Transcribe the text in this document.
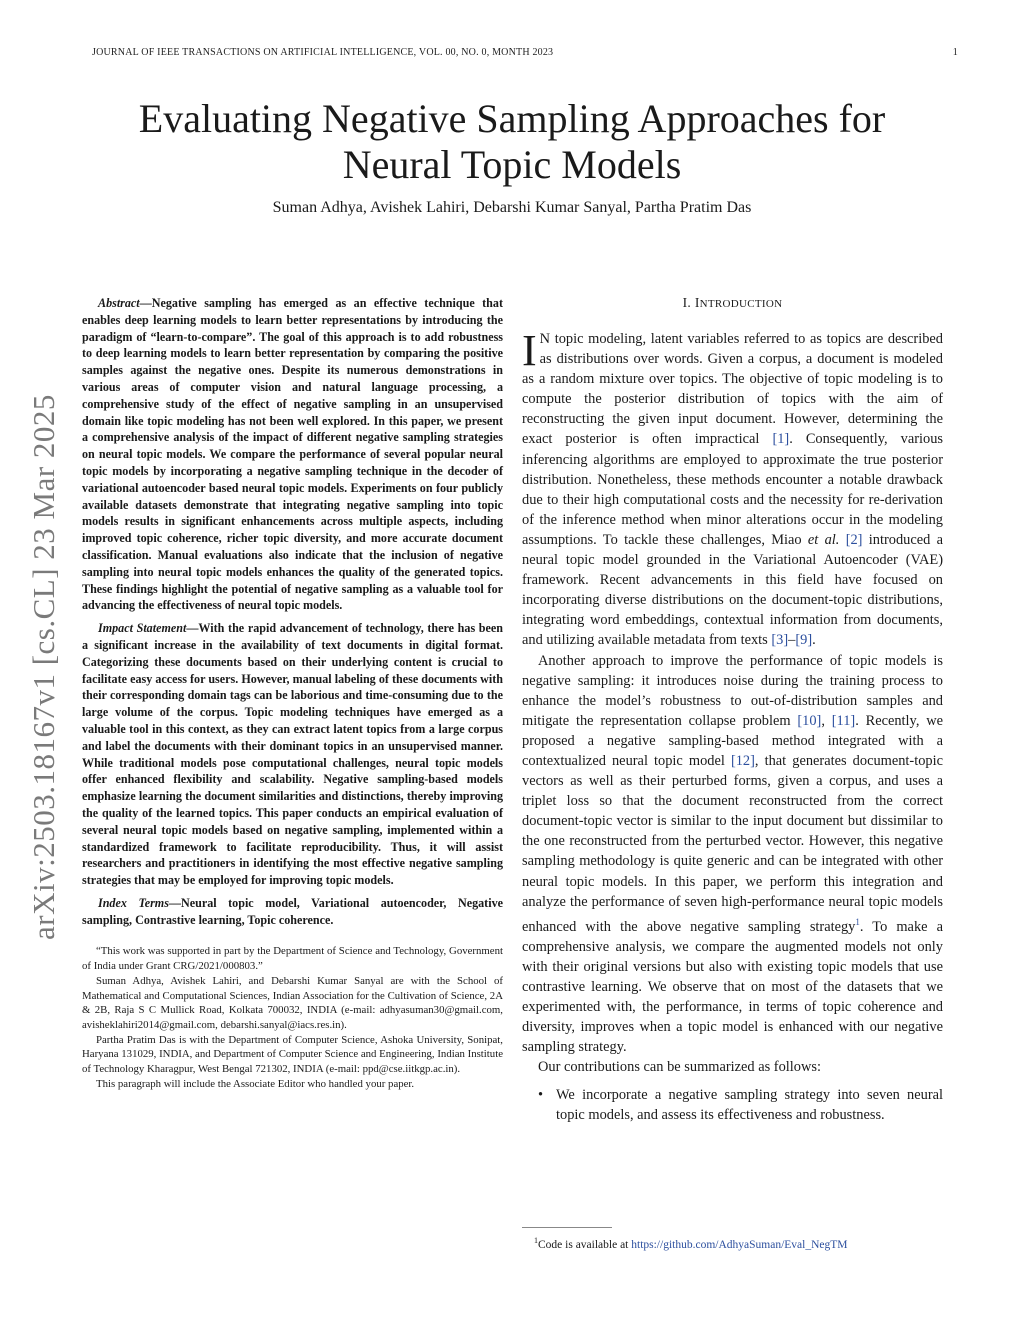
JOURNAL OF IEEE TRANSACTIONS ON ARTIFICIAL INTELLIGENCE, VOL. 00, NO. 0, MONTH 2023	1
arXiv:2503.18167v1 [cs.CL] 23 Mar 2025
Evaluating Negative Sampling Approaches for Neural Topic Models
Suman Adhya, Avishek Lahiri, Debarshi Kumar Sanyal, Partha Pratim Das

Abstract—Negative sampling has emerged as an effective technique that enables deep learning models to learn better representations by introducing the paradigm of “learn-to-compare”. The goal of this approach is to add robustness to deep learning models to learn better representation by comparing the positive samples against the negative ones. Despite its numerous demonstrations in various areas of computer vision and natural language processing, a comprehensive study of the effect of negative sampling in an unsupervised domain like topic modeling has not been well explored. In this paper, we present a comprehensive analysis of the impact of different negative sampling strategies on neural topic models. We compare the performance of several popular neural topic models by incorporating a negative sampling technique in the decoder of variational autoencoder based neural topic models. Experiments on four publicly available datasets demonstrate that integrating negative sampling into topic models results in significant enhancements across multiple aspects, including improved topic coherence, richer topic diversity, and more accurate document classification. Manual evaluations also indicate that the inclusion of negative sampling into neural topic models enhances the quality of the generated topics. These findings highlight the potential of negative sampling as a valuable tool for advancing the effectiveness of neural topic models.

Impact Statement—With the rapid advancement of technology, there has been a significant increase in the availability of text documents in digital format. Categorizing these documents based on their underlying content is crucial to facilitate easy access for users. However, manual labeling of these documents with their corresponding domain tags can be laborious and time-consuming due to the large volume of the corpus. Topic modeling techniques have emerged as a valuable tool in this context, as they can extract latent topics from a large corpus and label the documents with their dominant topics in an unsupervised manner. While traditional models pose computational challenges, neural topic models offer enhanced flexibility and scalability. Negative sampling-based models emphasize learning the document similarities and distinctions, thereby improving the quality of the learned topics. This paper conducts an empirical evaluation of several neural topic models based on negative sampling, implemented within a standardized framework to facilitate reproducibility. Thus, it will assist researchers and practitioners in identifying the most effective negative sampling strategies that may be employed for improving topic models.

Index Terms—Neural topic model, Variational autoencoder, Negative sampling, Contrastive learning, Topic coherence.

“This work was supported in part by the Department of Science and Technology, Government of India under Grant CRG/2021/000803.”

Suman Adhya, Avishek Lahiri, and Debarshi Kumar Sanyal are with the School of Mathematical and Computational Sciences, Indian Association for the Cultivation of Science, 2A & 2B, Raja S C Mullick Road, Kolkata 700032, INDIA (e-mail: adhyasuman30@gmail.com, avisheklahiri2014@gmail.com, debarshi.sanyal@iacs.res.in).

Partha Pratim Das is with the Department of Computer Science, Ashoka University, Sonipat, Haryana 131029, INDIA, and Department of Computer Science and Engineering, Indian Institute of Technology Kharagpur, West Bengal 721302, INDIA (e-mail: ppd@cse.iitkgp.ac.in).

This paragraph will include the Associate Editor who handled your paper.

I. INTRODUCTION

I N topic modeling, latent variables referred to as topics are described as distributions over words. Given a corpus, a document is modeled as a random mixture over topics. The objective of topic modeling is to compute the posterior distribution of topics with the aim of reconstructing the given input document. However, determining the exact posterior is often impractical [1]. Consequently, various inferencing algorithms are employed to approximate the true posterior distribution. Nonetheless, these methods encounter a notable drawback due to their high computational costs and the necessity for re-derivation of the inference method when minor alterations occur in the modeling assumptions. To tackle these challenges, Miao et al. [2] introduced a neural topic model grounded in the Variational Autoencoder (VAE) framework. Recent advancements in this field have focused on incorporating diverse distributions on the document-topic distributions, integrating word embeddings, contextual information from documents, and utilizing available metadata from texts [3]–[9].

Another approach to improve the performance of topic models is negative sampling: it introduces noise during the training process to enhance the model’s robustness to out-of-distribution samples and mitigate the representation collapse problem [10], [11]. Recently, we proposed a negative sampling-based method integrated with a contextualized neural topic model [12], that generates document-topic vectors as well as their perturbed forms, given a corpus, and uses a triplet loss so that the document reconstructed from the correct document-topic vector is similar to the input document but dissimilar to the one reconstructed from the perturbed vector. However, this negative sampling methodology is quite generic and can be integrated with other neural topic models. In this paper, we perform this integration and analyze the performance of seven high-performance neural topic models enhanced with the above negative sampling strategy$^1$. To make a comprehensive analysis, we compare the augmented models not only with their original versions but also with existing topic models that use contrastive learning. We observe that on most of the datasets that we experimented with, the performance, in terms of topic coherence and diversity, improves when a topic model is enhanced with our negative sampling strategy.

Our contributions can be summarized as follows:

• We incorporate a negative sampling strategy into seven neural topic models, and assess its effectiveness and robustness.
$^1$Code is available at https://github.com/AdhyaSuman/Eval_NegTM
